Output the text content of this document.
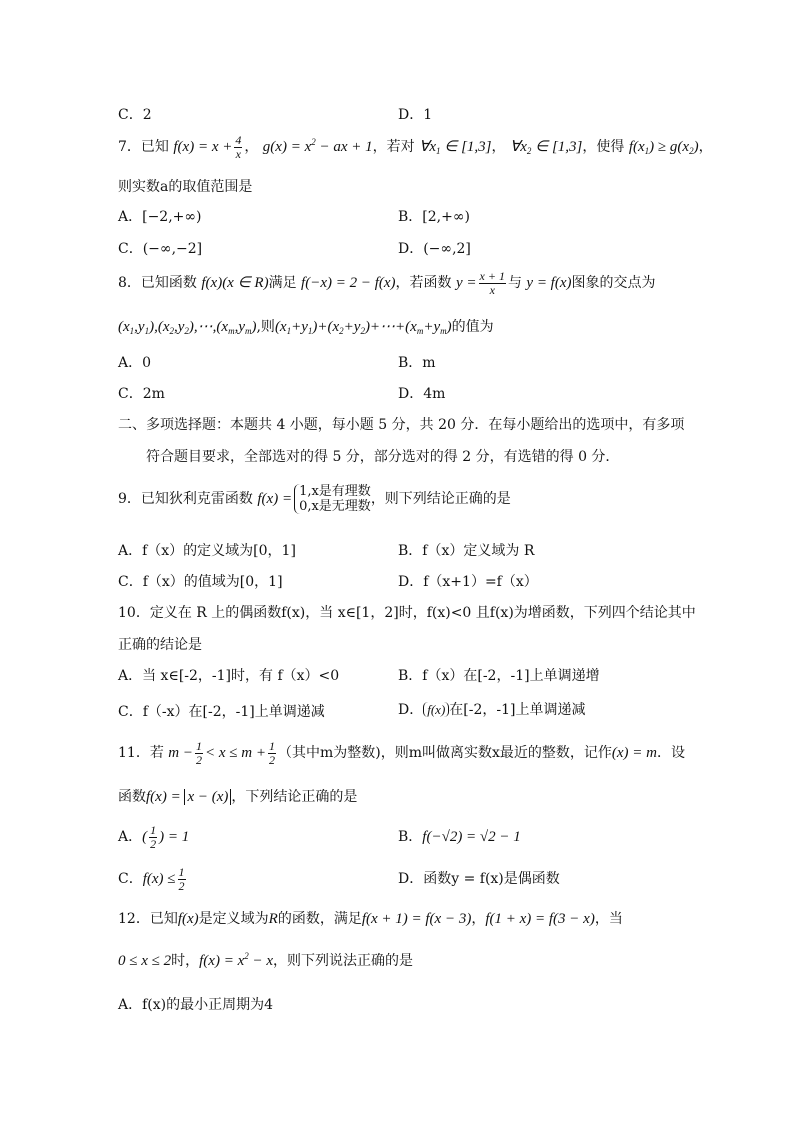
C．2	D．1
7．已知 $f(x) = x + \frac{4}{x}$ ， $g(x) = x^2$ − ax + 1，若对 $\forall x_1$ ∈ [1,3]， $\forall x_2$ ∈ [1,3]，使得 $f(x_1) \ge g(x_2)$，
则实数a的取值范围是
A．[−2,+∞)	B．[2,+∞)
C．(−∞,−2]	D．(−∞,2]
8．已知函数 f(x)(x ∈ R)满足 f(−x) = 2 − f(x)，若函数 $y = \frac{x + 1}{x}$ 与 y = f(x)图象的交点为
$(x_1,y_1),(x_2,y_2),\cdots,(x_m,y_m)$,则$(x_1+y_1)+(x_2+y_2)+\cdots+(x_m+y_m)$的值为
A．0	B．m
C．2m	D．4m
二、多项选择题：本题共 4 小题，每小题 5 分，共 20 分．在每小题给出的选项中，有多项
符合题目要求，全部选对的得 5 分，部分选对的得 2 分，有选错的得 0 分．
9．已知狄利克雷函数 f(x) = 1,x是有理数
0,x是无理数 ，则下列结论正确的是
A．f（x）的定义域为[0，1]	B．f（x）定义域为 R
C．f（x）的值域为[0，1]	D．f（x+1）=f（x）
10．定义在 R 上的偶函数f(x)，当 x∈[1，2]时，f(x)<0 且f(x)为增函数，下列四个结论其中
正确的结论是
A．当 x∈[-2，-1]时，有 f（x）<0	B．f（x）在[-2，-1]上单调递增
C．f（-x）在[-2，-1]上单调递减	D． f(x) 在[-2，-1]上单调递减
11．若 $m - \frac{1}{2} < x \le m + \frac{1}{2}$ （其中m为整数)，则m叫做离实数x最近的整数，记作(x) = m．设
函数f(x) = x − (x) ，下列结论正确的是
A．( $\frac{1}{2}$ ) = 1	B．f(−√2) = √2 − 1
C．$f(x) \le \frac{1}{2}$	D．函数y = f(x)是偶函数
12．已知f(x)是定义域为R的函数，满足f(x + 1) = f(x − 3)，f(1 + x) = f(3 − x)，当
0 ≤ x ≤ 2时，$f(x) = x^2 - x$，则下列说法正确的是
A．f(x)的最小正周期为4
